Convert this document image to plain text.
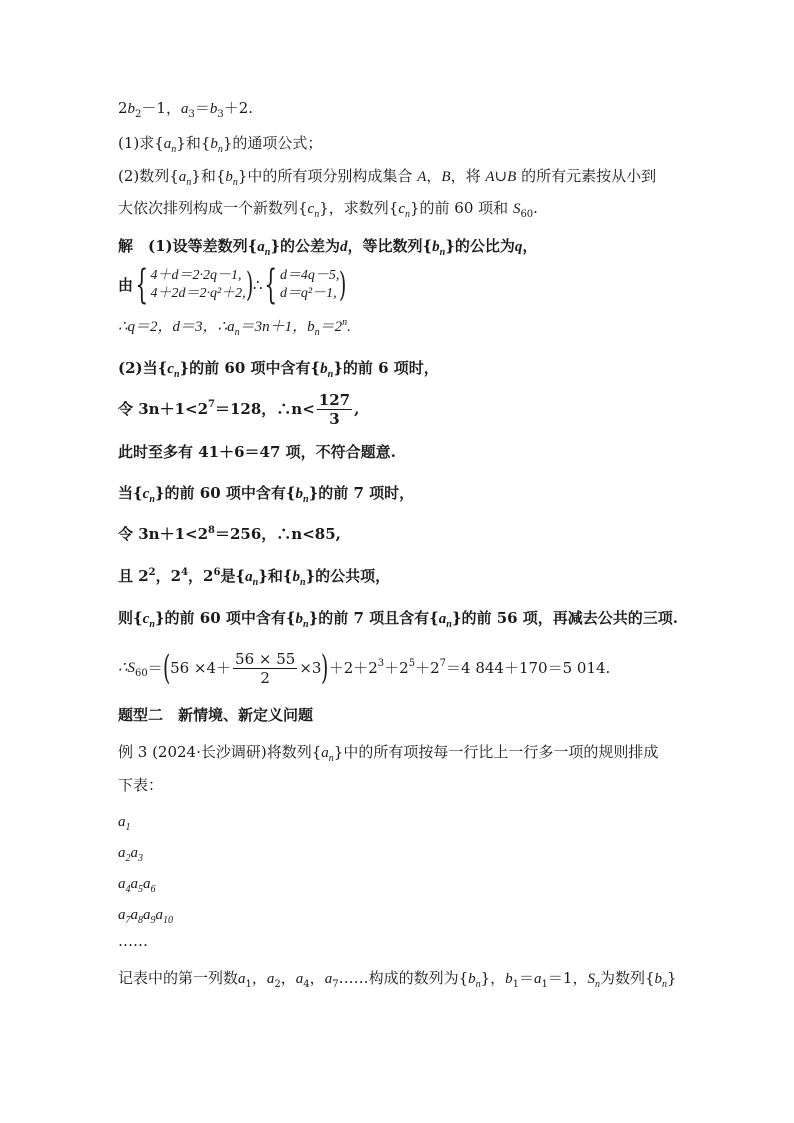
$2b_2-1$，$a_3=b_3+2$.
(1)求$\{a_n\}$和$\{b_n\}$的通项公式；
(2)数列$\{a_n\}$和$\{b_n\}$中的所有项分别构成集合 A，B，将 A∪B 的所有元素按从小到
大依次排列构成一个新数列$\{c_n\}$，求数列$\{c_n\}$的前 60 项和 $S_{60}$.
解　(1)设等差数列$\{a_n\}$的公差为d，等比数列$\{b_n\}$的公比为q，
由{ 4＋d＝2·2q－1,
4＋2d＝2·q²＋2, )∴{ d＝4q－5,
d＝q²－1, )
∴q＝2，d＝3，$\therefore a_n=3n+1$，$b_n=2^n$.
(2)当$\{c_n\}$的前 60 项中含有$\{b_n\}$的前 6 项时，
令 $3n+1<2^7=128$，∴n< $\frac{127}{3}$ ,
此时至多有 41＋6＝47 项，不符合题意.
当$\{c_n\}$的前 60 项中含有$\{b_n\}$的前 7 项时，
令 $3n+1<2^8=256$，∴n<85,
且 $2^2$，$2^4$，$2^6$是$\{a_n\}$和$\{b_n\}$的公共项，
则$\{c_n\}$的前 60 项中含有$\{b_n\}$的前 7 项且含有$\{a_n\}$的前 56 项，再减去公共的三项.
$\therefore S_{60}=(56 \times 4+ \frac{56 \times 55}{2} \times 3)+2+2^3+2^5+2^7=4$ 844＋170＝5 014.
题型二　新情境、新定义问题
例 3 (2024·长沙调研)将数列$\{a_n\}$中的所有项按每一行比上一行多一项的规则排成
下表：
$a_1$
$a_2a_3$
$a_4a_5a_6$
$a_7a_8a_9a_{10}$
……
记表中的第一列数$a_1$，$a_2$，$a_4$，$a_7\dots\dots$构成的数列为$\{b_n\}$，$b_1=a_1=1$，$S_n$为数列$\{b_n\}$
